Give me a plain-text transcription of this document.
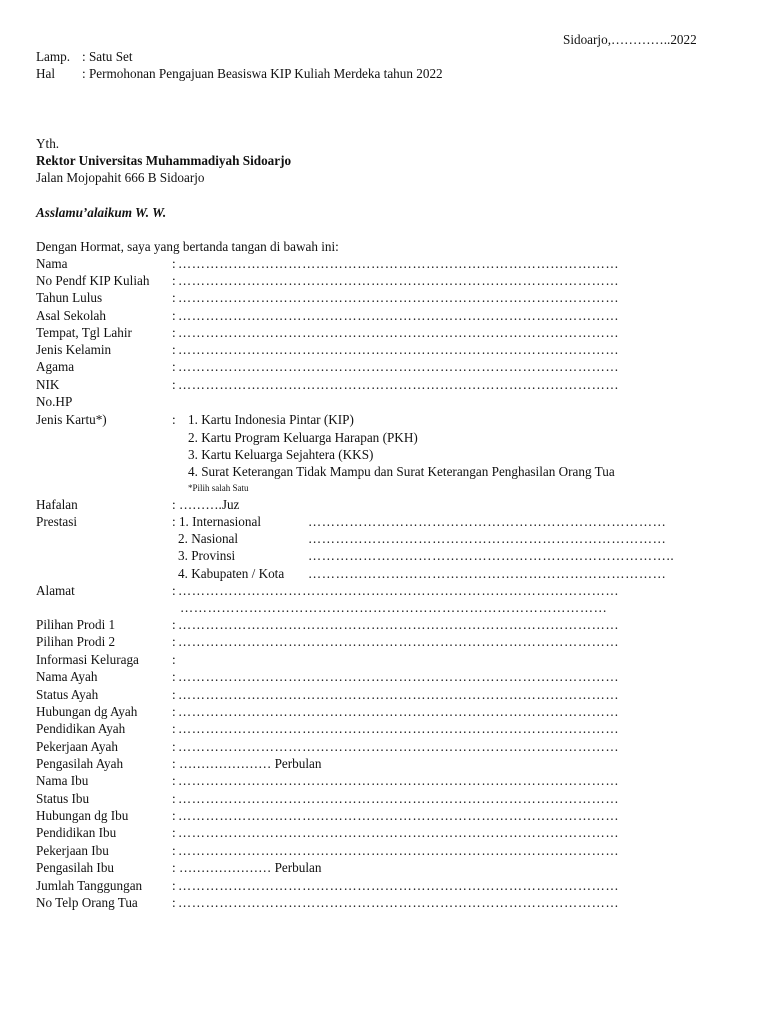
Sidoarjo,…………..2022
Lamp. : Satu Set
Hal : Permohonan Pengajuan Beasiswa KIP Kuliah Merdeka tahun 2022
Yth.
Rektor Universitas Muhammadiyah Sidoarjo
Jalan Mojopahit 666 B Sidoarjo
Asslamu’alaikum W. W.
Dengan Hormat, saya yang bertanda tangan di bawah ini:
Nama	: ……………………………………………………………………………………
No Pendf KIP Kuliah : ……………………………………………………………………………………
Tahun Lulus	: ……………………………………………………………………………………
Asal Sekolah	: ……………………………………………………………………………………
Tempat, Tgl Lahir	: ……………………………………………………………………………………
Jenis Kelamin	: ……………………………………………………………………………………
Agama	: ……………………………………………………………………………………
NIK	: ……………………………………………………………………………………
No.HP
Jenis Kartu*)	: 1. Kartu Indonesia Pintar (KIP)
2. Kartu Program Keluarga Harapan (PKH)
3. Kartu Keluarga Sejahtera (KKS)
4. Surat Keterangan Tidak Mampu dan Surat Keterangan Penghasilan Orang Tua
*Pilih salah Satu
Hafalan	: ……….Juz
Prestasi	: 1. Internasional	……………………………………………………………………
2. Nasional	……………………………………………………………………
3. Provinsi	……………………………………………………………………..
4. Kabupaten / Kota ……………………………………………………………………
Alamat	: ……………………………………………………………………………………
…………………………………………………………………………………
Pilihan Prodi 1	: ……………………………………………………………………………………
Pilihan Prodi 2	: ……………………………………………………………………………………
Informasi Keluraga	:
Nama Ayah	: ……………………………………………………………………………………
Status Ayah	: ……………………………………………………………………………………
Hubungan dg Ayah	: ……………………………………………………………………………………
Pendidikan Ayah	: ……………………………………………………………………………………
Pekerjaan Ayah	: ……………………………………………………………………………………
Pengasilah Ayah	: ………………… Perbulan
Nama Ibu	: ……………………………………………………………………………………
Status Ibu	: ……………………………………………………………………………………
Hubungan dg Ibu	: ……………………………………………………………………………………
Pendidikan Ibu	: ……………………………………………………………………………………
Pekerjaan Ibu	: ……………………………………………………………………………………
Pengasilah Ibu	: ………………… Perbulan
Jumlah Tanggungan : ……………………………………………………………………………………
No Telp Orang Tua	: ……………………………………………………………………………………
